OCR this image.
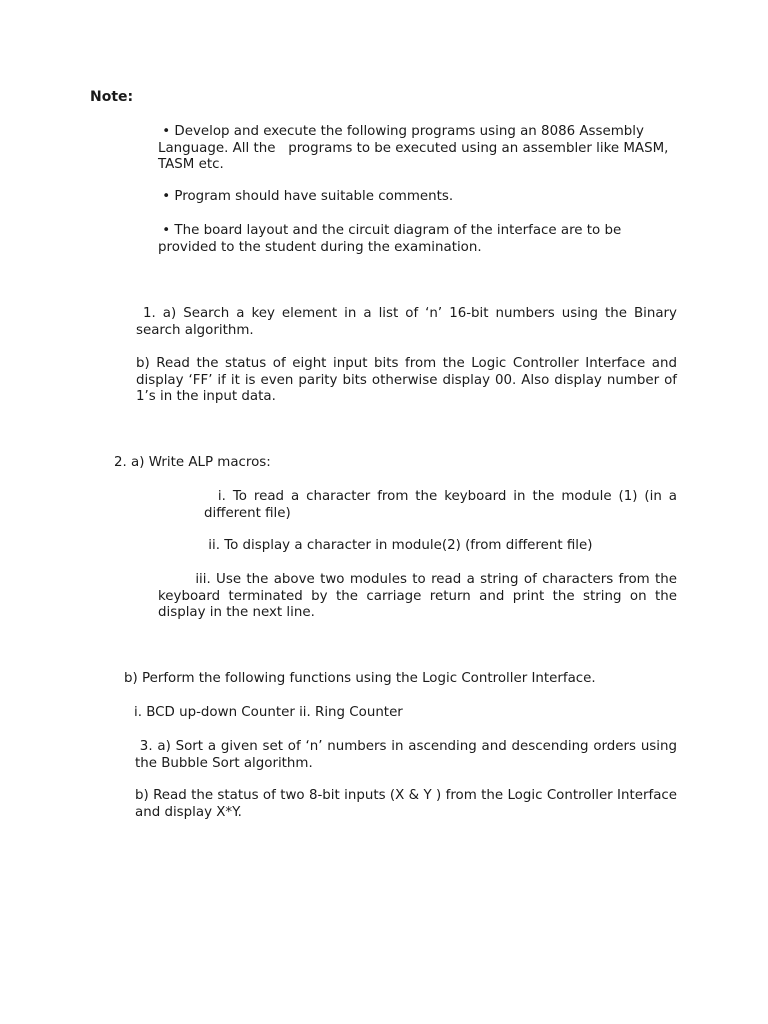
Note:
• Develop and execute the following programs using an 8086 Assembly
Language. All the   programs to be executed using an assembler like MASM,
TASM etc.
• Program should have suitable comments.
• The board layout and the circuit diagram of the interface are to be
provided to the student during the examination.

1. a) Search a key element in a list of ‘n’ 16-bit numbers using the Binary search algorithm.

b) Read the status of eight input bits from the Logic Controller Interface and display ‘FF’ if it is even parity bits otherwise display 00. Also display number of 1’s in the input data.

2. a) Write ALP macros:

i. To read a character from the keyboard in the module (1) (in a different file)

ii. To display a character in module(2) (from different file)

iii. Use the above two modules to read a string of characters from the keyboard terminated by the carriage return and print the string on the display in the next line.

b) Perform the following functions using the Logic Controller Interface.

i. BCD up-down Counter ii. Ring Counter

3. a) Sort a given set of ‘n’ numbers in ascending and descending orders using the Bubble Sort algorithm.

b) Read the status of two 8-bit inputs (X & Y ) from the Logic Controller Interface and display X*Y.
